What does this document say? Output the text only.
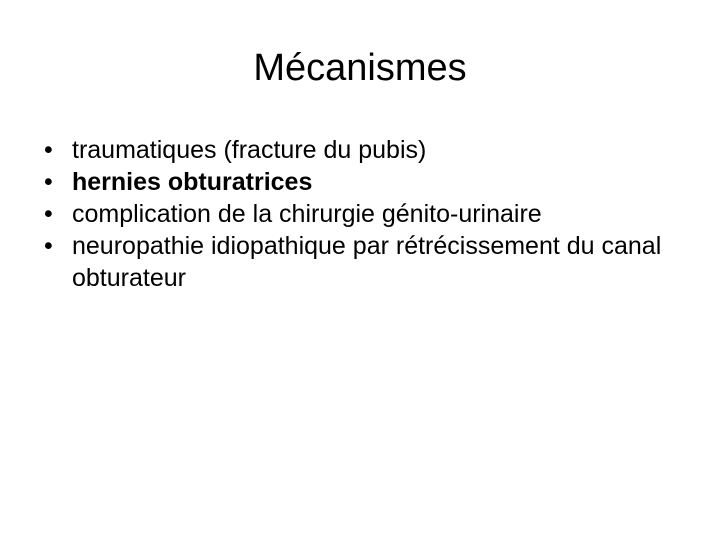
Mécanismes
• traumatiques (fracture du pubis)
• hernies obturatrices
• complication de la chirurgie génito-urinaire
• neuropathie idiopathique par rétrécissement du canal obturateur
